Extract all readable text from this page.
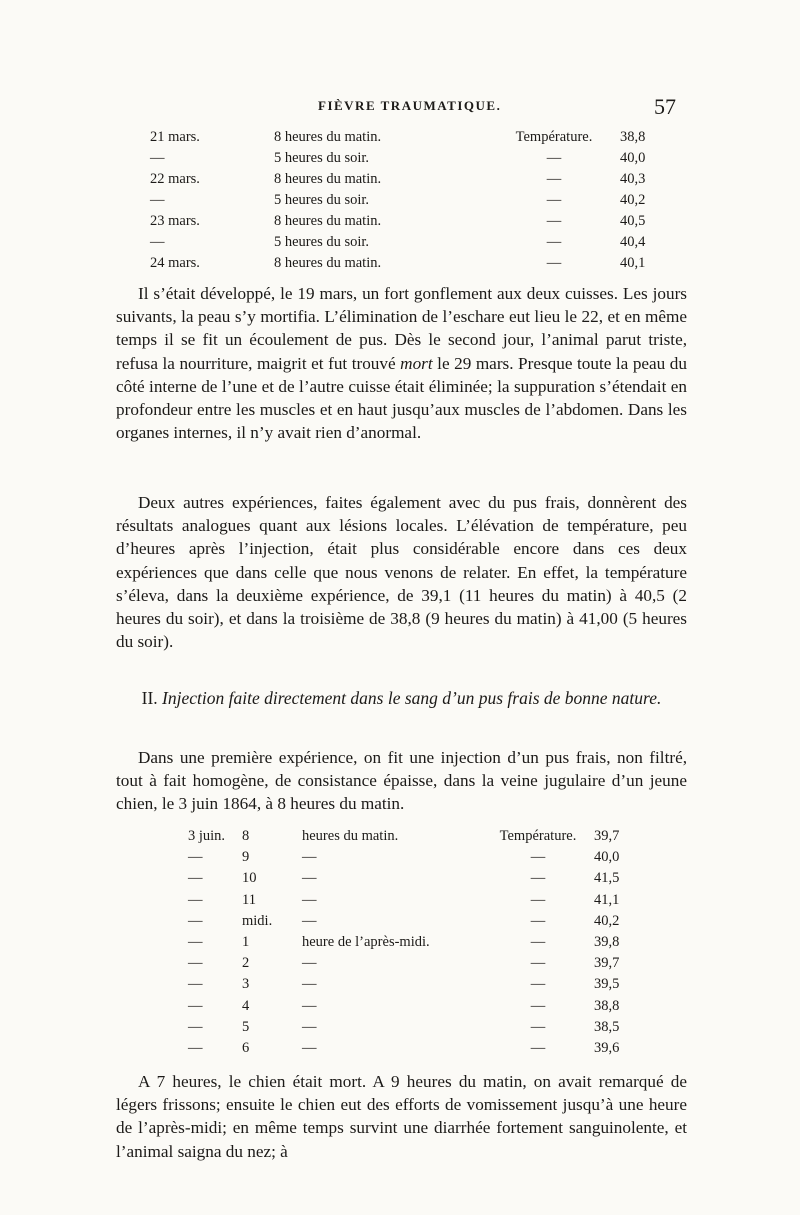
FIÈVRE TRAUMATIQUE.	57
21 mars.	8 heures du matin.	Température.	38,8
—	5 heures du soir.	—	40,0
22 mars.	8 heures du matin.	—	40,3
—	5 heures du soir.	—	40,2
23 mars.	8 heures du matin.	—	40,5
—	5 heures du soir.	—	40,4
24 mars.	8 heures du matin.	—	40,1

Il s’était développé, le 19 mars, un fort gonflement aux deux cuisses. Les jours suivants, la peau s’y mortifia. L’élimination de l’eschare eut lieu le 22, et en même temps il se fit un écoulement de pus. Dès le second jour, l’animal parut triste, refusa la nourriture, maigrit et fut trouvé mort le 29 mars. Presque toute la peau du côté interne de l’une et de l’autre cuisse était éliminée; la suppuration s’étendait en profondeur entre les muscles et en haut jusqu’aux muscles de l’abdomen. Dans les organes internes, il n’y avait rien d’anormal.

Deux autres expériences, faites également avec du pus frais, donnèrent des résultats analogues quant aux lésions locales. L’élévation de température, peu d’heures après l’injection, était plus considérable encore dans ces deux expériences que dans celle que nous venons de relater. En effet, la température s’éleva, dans la deuxième expérience, de 39,1 (11 heures du matin) à 40,5 (2 heures du soir), et dans la troisième de 38,8 (9 heures du matin) à 41,00 (5 heures du soir).

II. Injection faite directement dans le sang d’un pus frais de bonne nature.

Dans une première expérience, on fit une injection d’un pus frais, non filtré, tout à fait homogène, de consistance épaisse, dans la veine jugulaire d’un jeune chien, le 3 juin 1864, à 8 heures du matin.

3 juin.	8	heures du matin.	Température.	39,7
—	9	—	—	40,0
—	10	—	—	41,5
—	11	—	—	41,1
—	midi.	—	—	40,2
—	1	heure de l’après-midi.	—	39,8
—	2	—	—	39,7
—	3	—	—	39,5
—	4	—	—	38,8
—	5	—	—	38,5
—	6	—	—	39,6

A 7 heures, le chien était mort. A 9 heures du matin, on avait remarqué de légers frissons; ensuite le chien eut des efforts de vomissement jusqu’à une heure de l’après-midi; en même temps survint une diarrhée fortement sanguinolente, et l’animal saigna du nez; à
